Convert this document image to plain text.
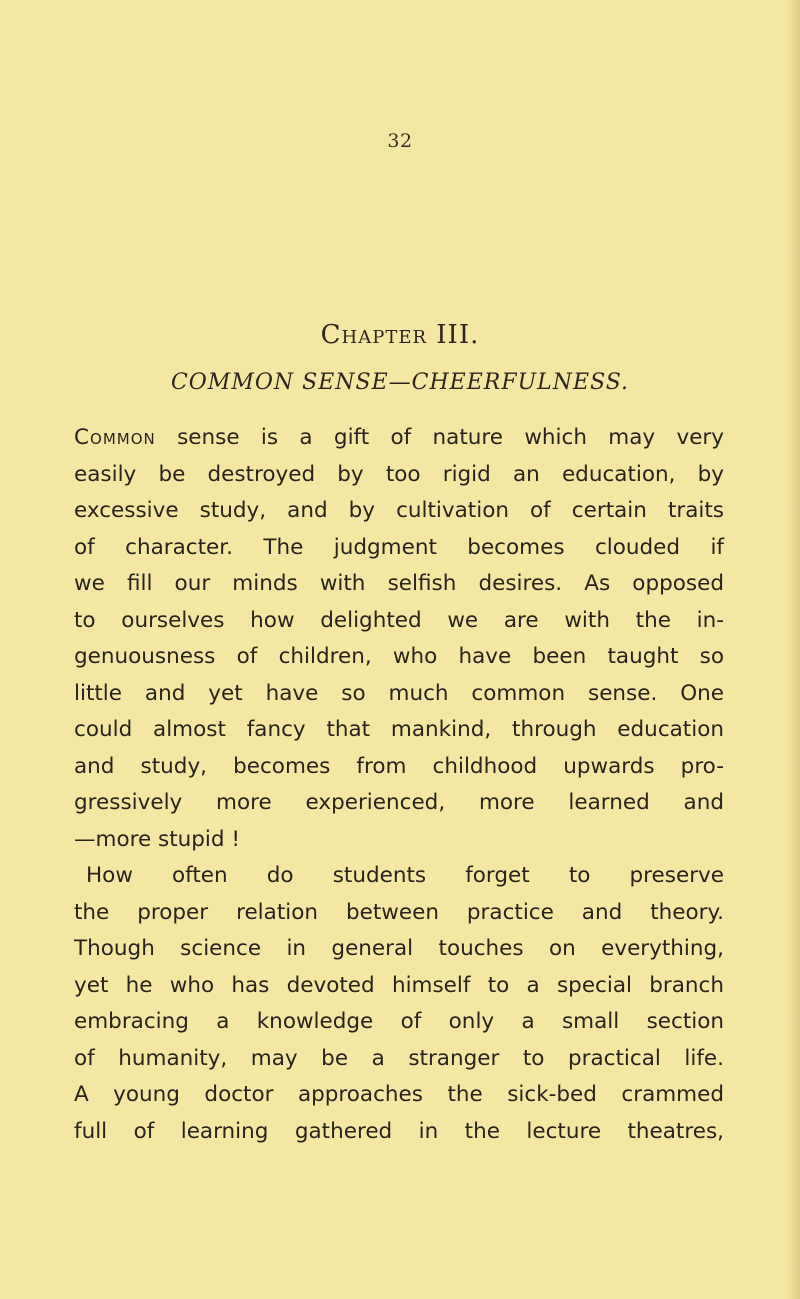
32
Chapter III.
COMMON SENSE—CHEERFULNESS.
Common sense is a gift of nature which may very
easily be destroyed by too rigid an education, by
excessive study, and by cultivation of certain traits
of character. The judgment becomes clouded if
we fill our minds with selfish desires. As opposed
to ourselves how delighted we are with the in-
genuousness of children, who have been taught so
little and yet have so much common sense. One
could almost fancy that mankind, through education
and study, becomes from childhood upwards pro-
gressively more experienced, more learned and
—more stupid !
How often do students forget to preserve
the proper relation between practice and theory.
Though science in general touches on everything,
yet he who has devoted himself to a special branch
embracing a knowledge of only a small section
of humanity, may be a stranger to practical life.
A young doctor approaches the sick-bed crammed
full of learning gathered in the lecture theatres,
